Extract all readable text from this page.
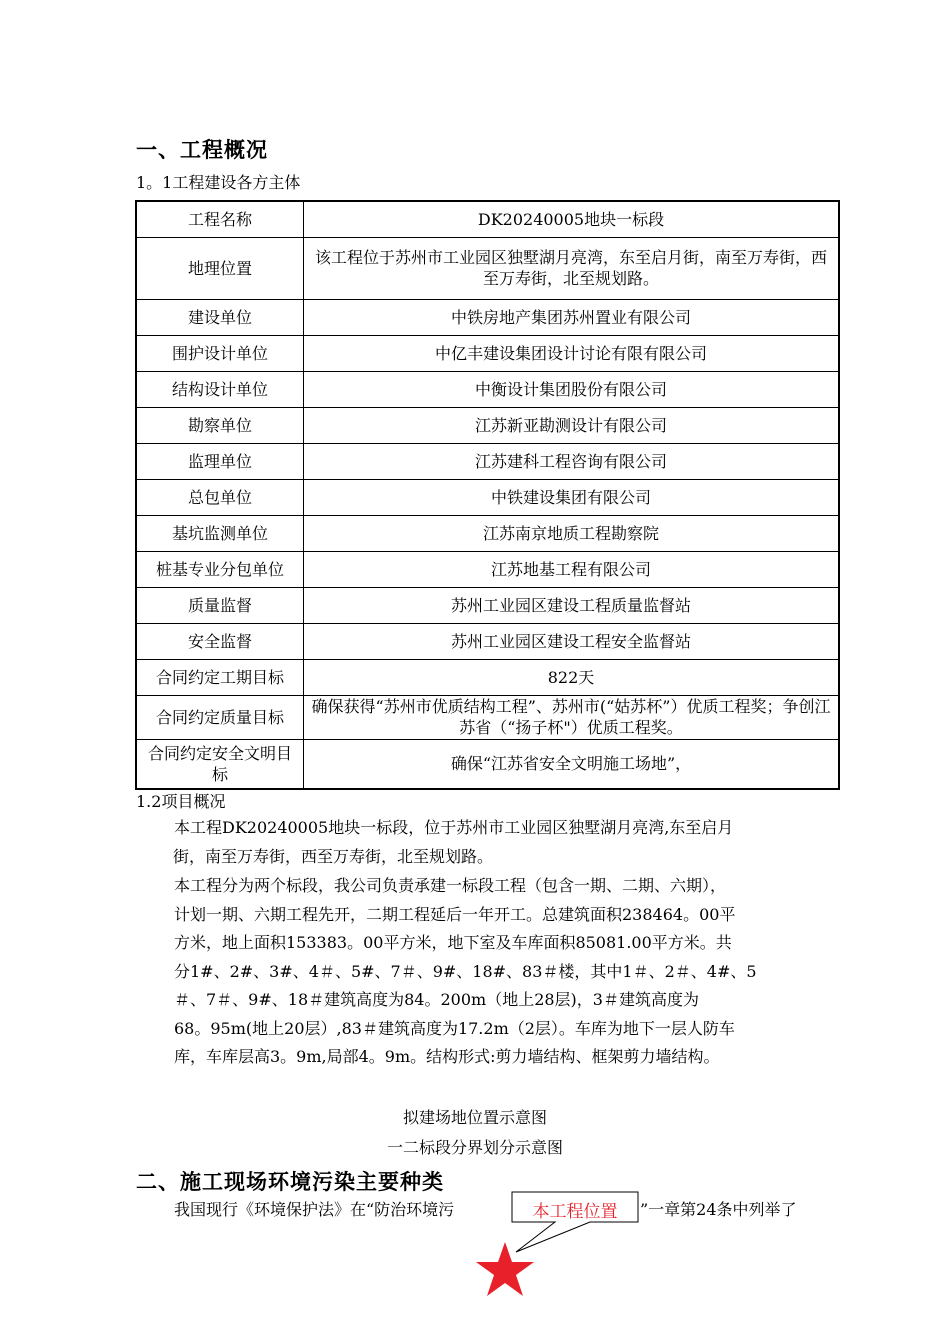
一、工程概况
1。1工程建设各方主体
工程名称	DK20240005地块一标段
地理位置	该工程位于苏州市工业园区独墅湖月亮湾，东至启月街，南至万寿街，西至万寿街，北至规划路。
建设单位	中铁房地产集团苏州置业有限公司
围护设计单位	中亿丰建设集团设计讨论有限有限公司
结构设计单位	中衡设计集团股份有限公司
勘察单位	江苏新亚勘测设计有限公司
监理单位	江苏建科工程咨询有限公司
总包单位	中铁建设集团有限公司
基坑监测单位	江苏南京地质工程勘察院
桩基专业分包单位	江苏地基工程有限公司
质量监督	苏州工业园区建设工程质量监督站
安全监督	苏州工业园区建设工程安全监督站
合同约定工期目标	822天
合同约定质量目标	确保获得“苏州市优质结构工程”、苏州市(“姑苏杯”）优质工程奖；争创江苏省（“扬子杯"）优质工程奖。
合同约定安全文明目标	确保“江苏省安全文明施工场地”，
1.2项目概况
本工程DK20240005地块一标段，位于苏州市工业园区独墅湖月亮湾,东至启月
街，南至万寿街，西至万寿街，北至规划路。
本工程分为两个标段，我公司负责承建一标段工程（包含一期、二期、六期），
计划一期、六期工程先开，二期工程延后一年开工。总建筑面积238464。00平
方米，地上面积153383。00平方米，地下室及车库面积85081.00平方米。共
分1#、2#、3#、4＃、5#、7＃、9#、18#、83＃楼，其中1＃、2＃、4#、5
＃、7＃、9#、18＃建筑高度为84。200m（地上28层)，3＃建筑高度为
68。95m(地上20层）,83＃建筑高度为17.2m（2层）。车库为地下一层人防车
库，车库层高3。9m,局部4。9m。结构形式:剪力墙结构、框架剪力墙结构。
拟建场地位置示意图
一二标段分界划分示意图
二、施工现场环境污染主要种类
我国现行《环境保护法》在“防治环境污	”一章第24条中列举了
本工程位置
